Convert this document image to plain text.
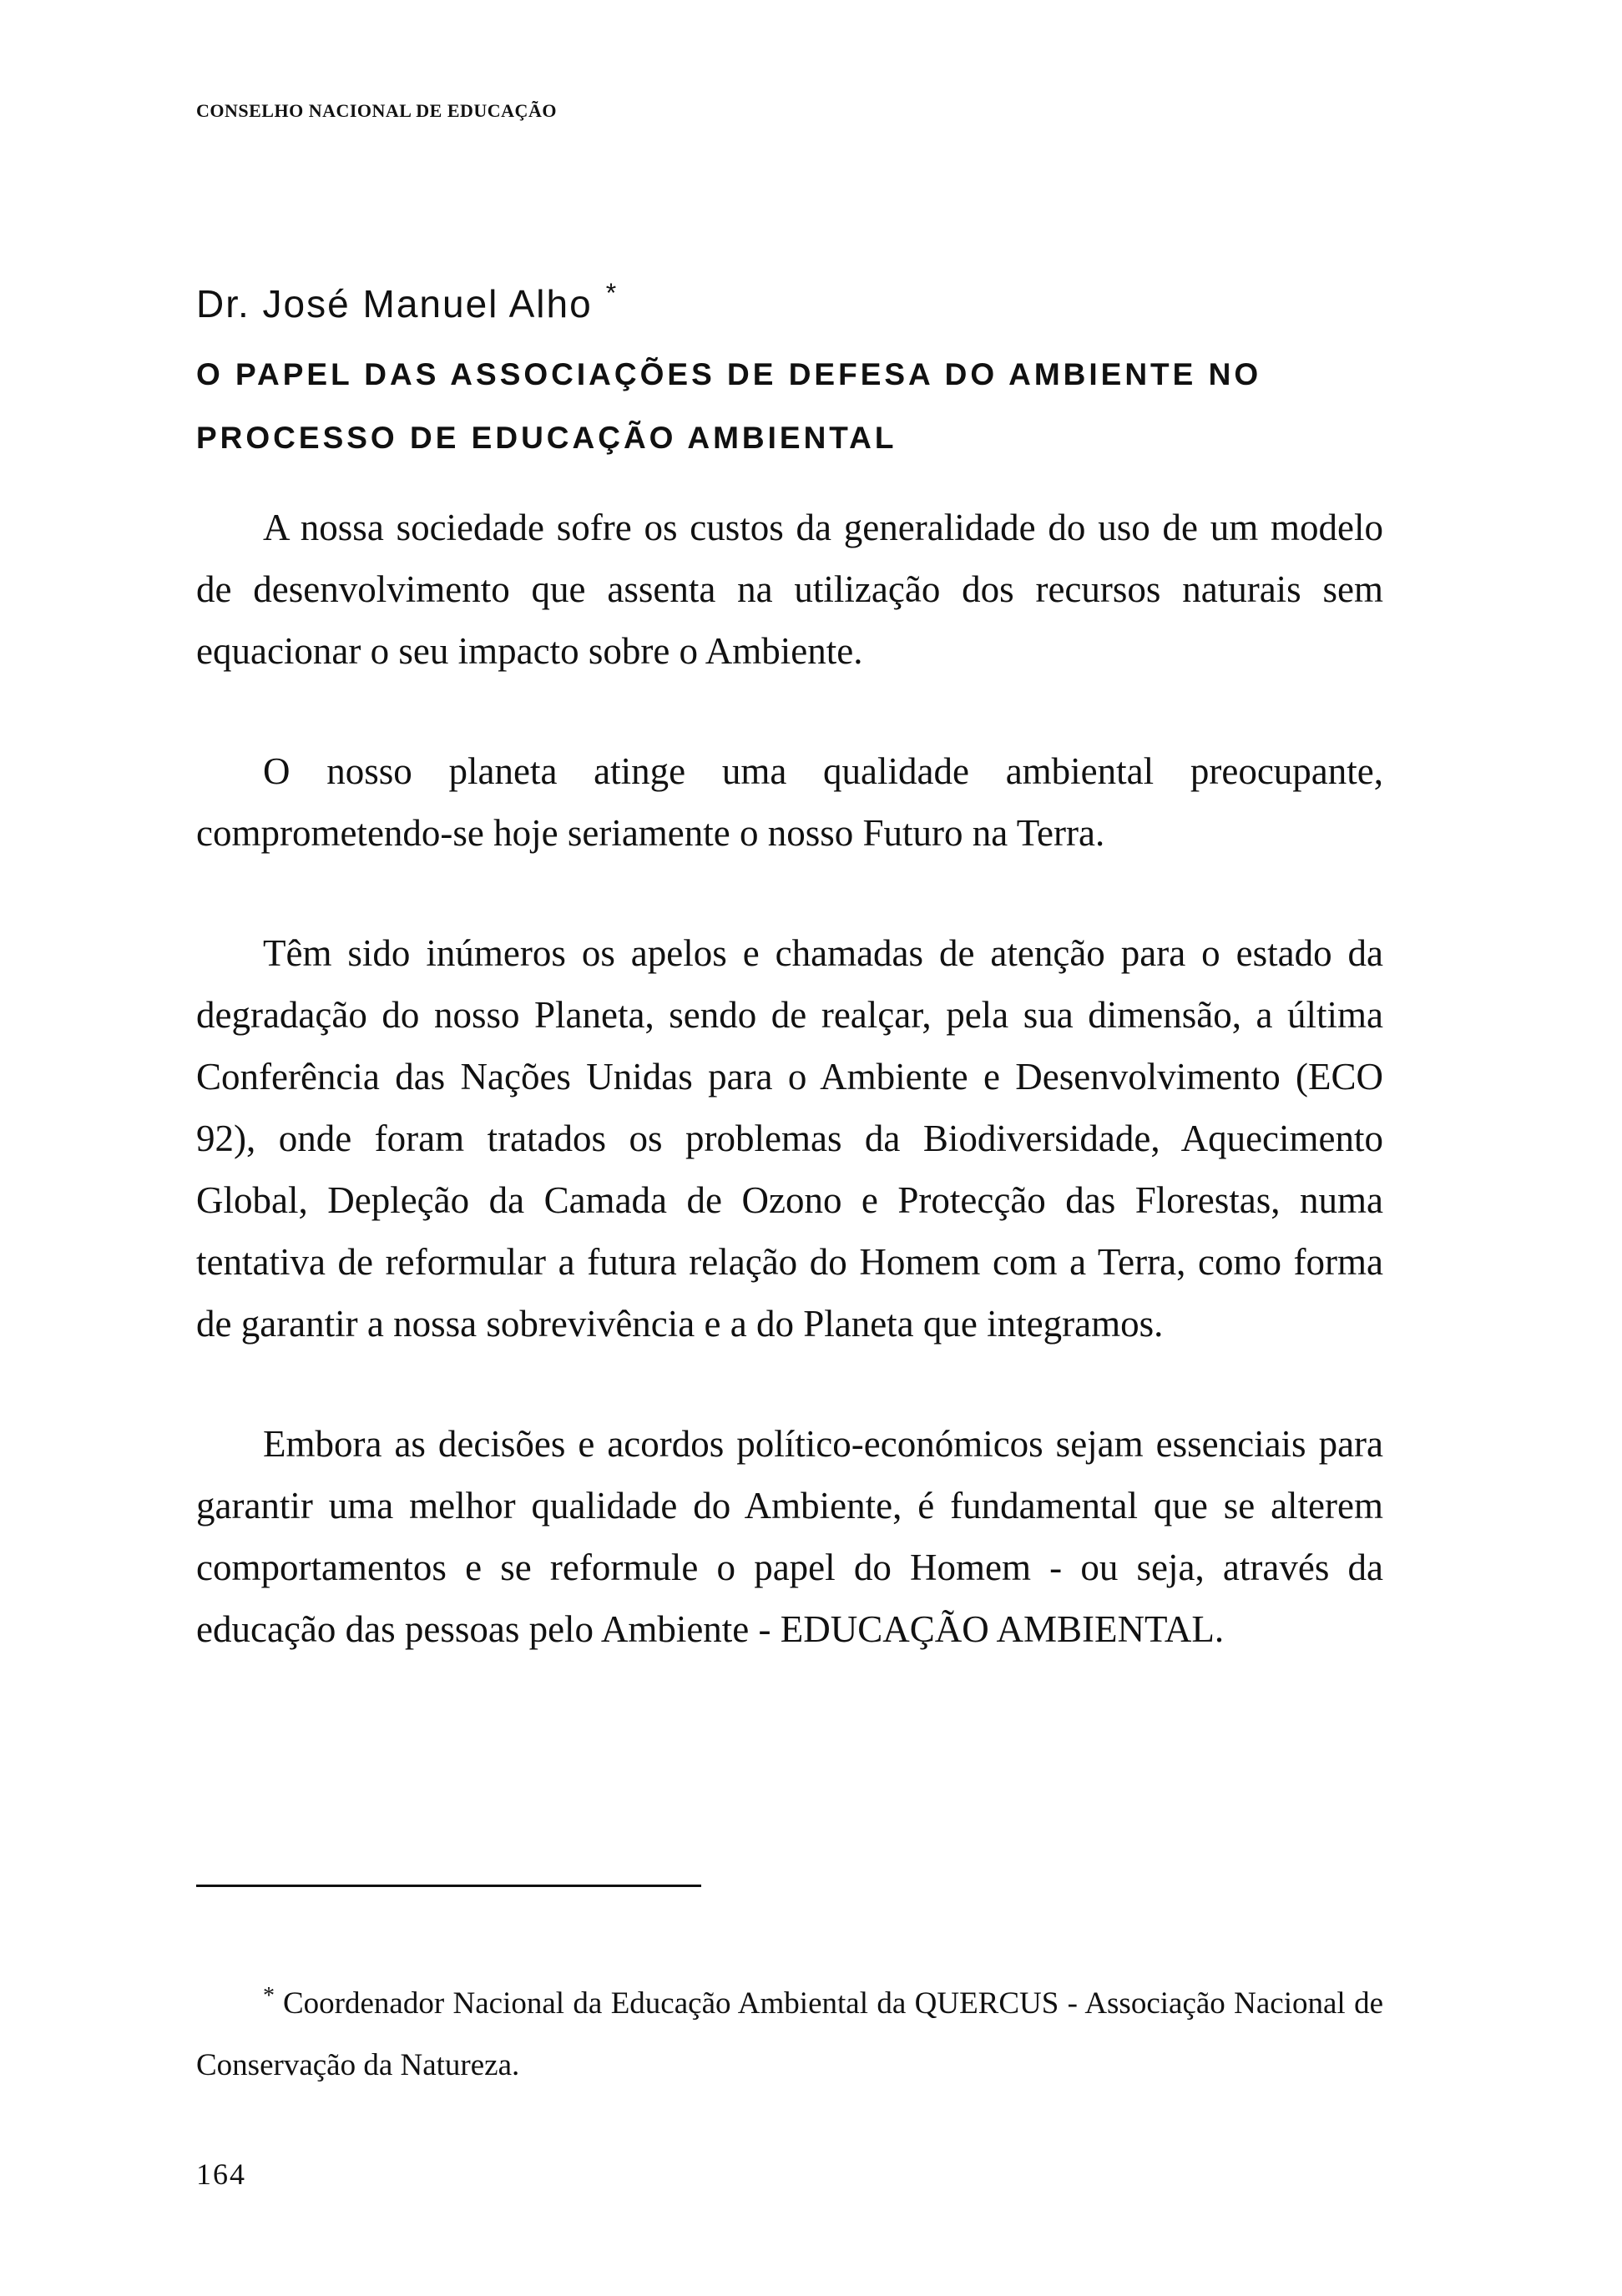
CONSELHO NACIONAL DE EDUCAÇÃO
Dr. José Manuel Alho *
O PAPEL DAS ASSOCIAÇÕES DE DEFESA DO AMBIENTE NO
PROCESSO DE EDUCAÇÃO AMBIENTAL

A nossa sociedade sofre os custos da generalidade do uso de um modelo de desenvolvimento que assenta na utilização dos recursos naturais sem equacionar o seu impacto sobre o Ambiente.

O nosso planeta atinge uma qualidade ambiental preocupante, comprometendo-se hoje seriamente o nosso Futuro na Terra.

Têm sido inúmeros os apelos e chamadas de atenção para o estado da degradação do nosso Planeta, sendo de realçar, pela sua dimensão, a última Conferência das Nações Unidas para o Ambiente e Desenvolvimento (ECO 92), onde foram tratados os problemas da Biodiversidade, Aquecimento Global, Depleção da Camada de Ozono e Protecção das Florestas, numa tentativa de reformular a futura relação do Homem com a Terra, como forma de garantir a nossa sobrevivência e a do Planeta que integramos.

Embora as decisões e acordos político-económicos sejam essenciais para garantir uma melhor qualidade do Ambiente, é fundamental que se alterem comportamentos e se reformule o papel do Homem - ou seja, através da educação das pessoas pelo Ambiente - EDUCAÇÃO AMBIENTAL.

* Coordenador Nacional da Educação Ambiental da QUERCUS - Associação Nacional de Conservação da Natureza.
164
